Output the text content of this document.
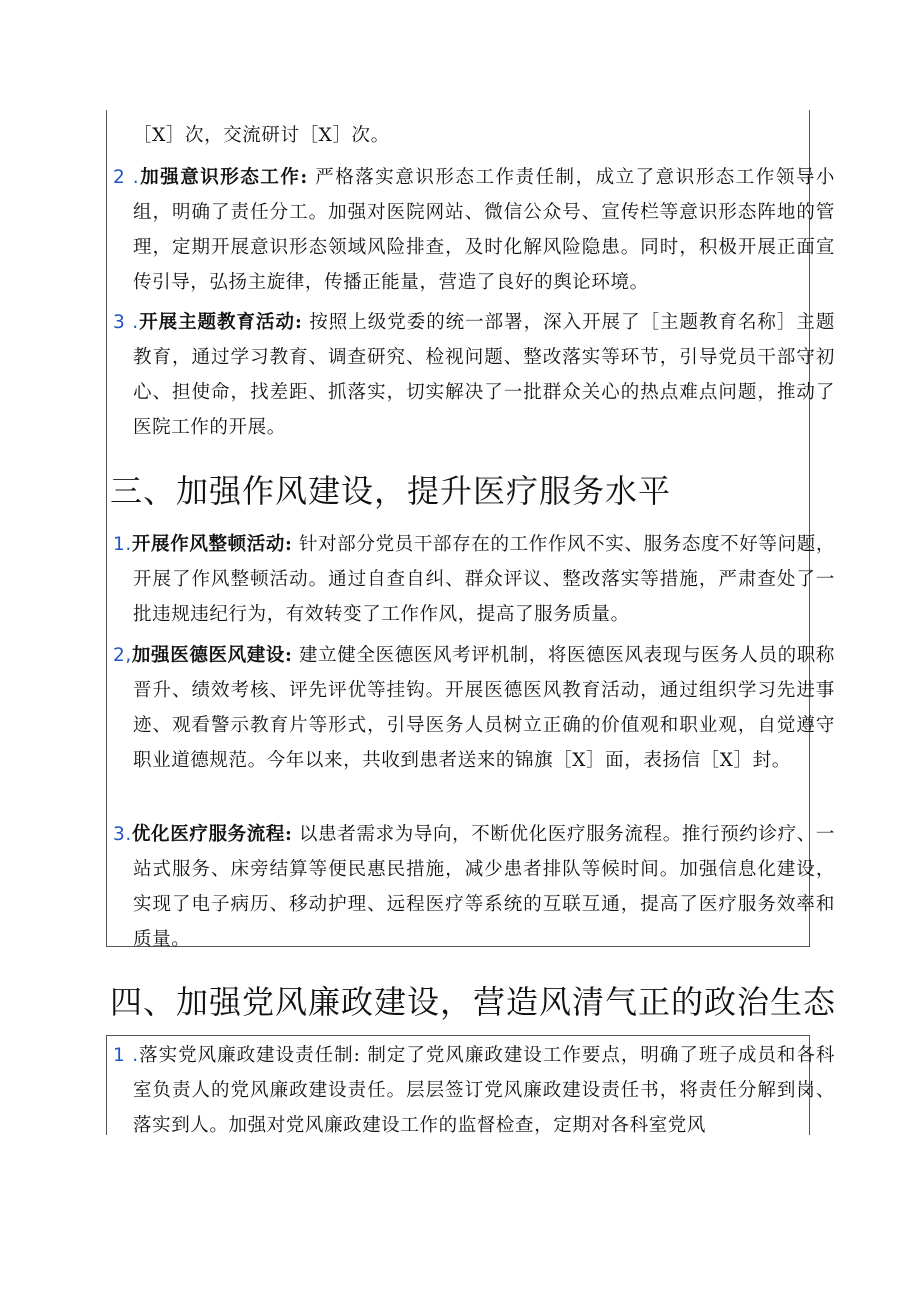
［X］次，交流研讨［X］次。

2 .加强意识形态工作: 严格落实意识形态工作责任制，成立了意识形态工作领导小组，明确了责任分工。加强对医院网站、微信公众号、宣传栏等意识形态阵地的管理，定期开展意识形态领域风险排查，及时化解风险隐患。同时，积极开展正面宣传引导，弘扬主旋律，传播正能量，营造了良好的舆论环境。

3 .开展主题教育活动: 按照上级党委的统一部署，深入开展了［主题教育名称］主题教育，通过学习教育、调查研究、检视问题、整改落实等环节，引导党员干部守初心、担使命，找差距、抓落实，切实解决了一批群众关心的热点难点问题，推动了医院工作的开展。

1.开展作风整顿活动: 针对部分党员干部存在的工作作风不实、服务态度不好等问题，开展了作风整顿活动。通过自查自纠、群众评议、整改落实等措施，严肃查处了一批违规违纪行为，有效转变了工作作风，提高了服务质量。

2,加强医德医风建设: 建立健全医德医风考评机制，将医德医风表现与医务人员的职称晋升、绩效考核、评先评优等挂钩。开展医德医风教育活动，通过组织学习先进事迹、观看警示教育片等形式，引导医务人员树立正确的价值观和职业观，自觉遵守职业道德规范。今年以来，共收到患者送来的锦旗［X］面，表扬信［X］封。

3.优化医疗服务流程: 以患者需求为导向，不断优化医疗服务流程。推行预约诊疗、一站式服务、床旁结算等便民惠民措施，减少患者排队等候时间。加强信息化建设，实现了电子病历、移动护理、远程医疗等系统的互联互通，提高了医疗服务效率和质量。

三、加强作风建设，提升医疗服务水平
四、加强党风廉政建设，营造风清气正的政治生态

1 .落实党风廉政建设责任制: 制定了党风廉政建设工作要点，明确了班子成员和各科室负责人的党风廉政建设责任。层层签订党风廉政建设责任书，将责任分解到岗、落实到人。加强对党风廉政建设工作的监督检查，定期对各科室党风
